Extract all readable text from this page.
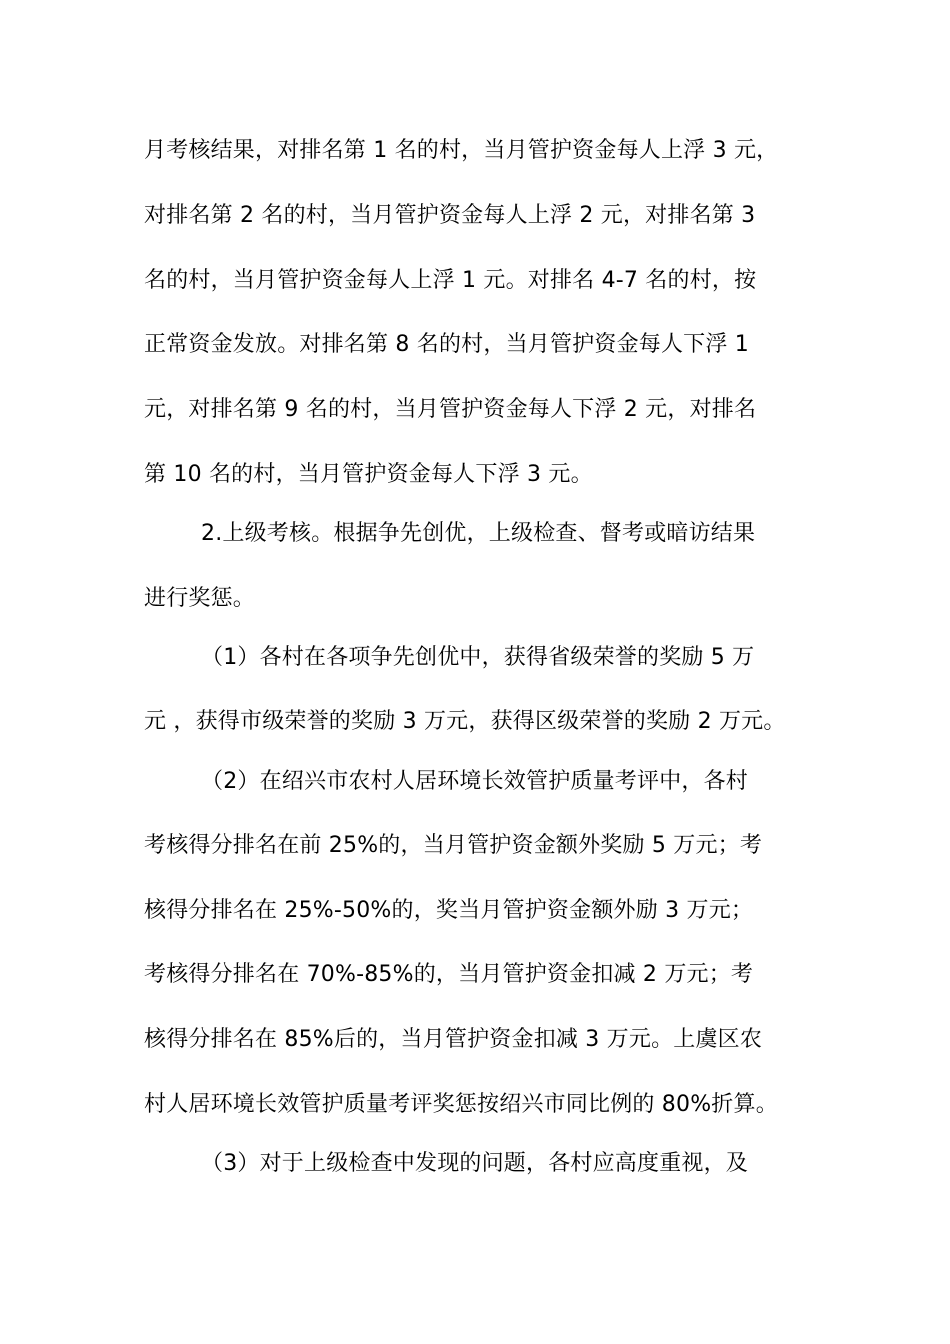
月考核结果，对排名第 1 名的村，当月管护资金每人上浮 3 元，
对排名第 2 名的村，当月管护资金每人上浮 2 元，对排名第 3
名的村，当月管护资金每人上浮 1 元。对排名 4-7 名的村，按
正常资金发放。对排名第 8 名的村，当月管护资金每人下浮 1
元，对排名第 9 名的村，当月管护资金每人下浮 2 元，对排名
第 10 名的村，当月管护资金每人下浮 3 元。
2.上级考核。根据争先创优，上级检查、督考或暗访结果
进行奖惩。
（1）各村在各项争先创优中，获得省级荣誉的奖励 5 万
元 ，获得市级荣誉的奖励 3 万元，获得区级荣誉的奖励 2 万元。
（2）在绍兴市农村人居环境长效管护质量考评中，各村
考核得分排名在前 25%的，当月管护资金额外奖励 5 万元；考
核得分排名在 25%-50%的，奖当月管护资金额外励 3 万元；
考核得分排名在 70%-85%的，当月管护资金扣减 2 万元；考
核得分排名在 85%后的，当月管护资金扣减 3 万元。上虞区农
村人居环境长效管护质量考评奖惩按绍兴市同比例的 80%折算。
（3）对于上级检查中发现的问题，各村应高度重视，及
